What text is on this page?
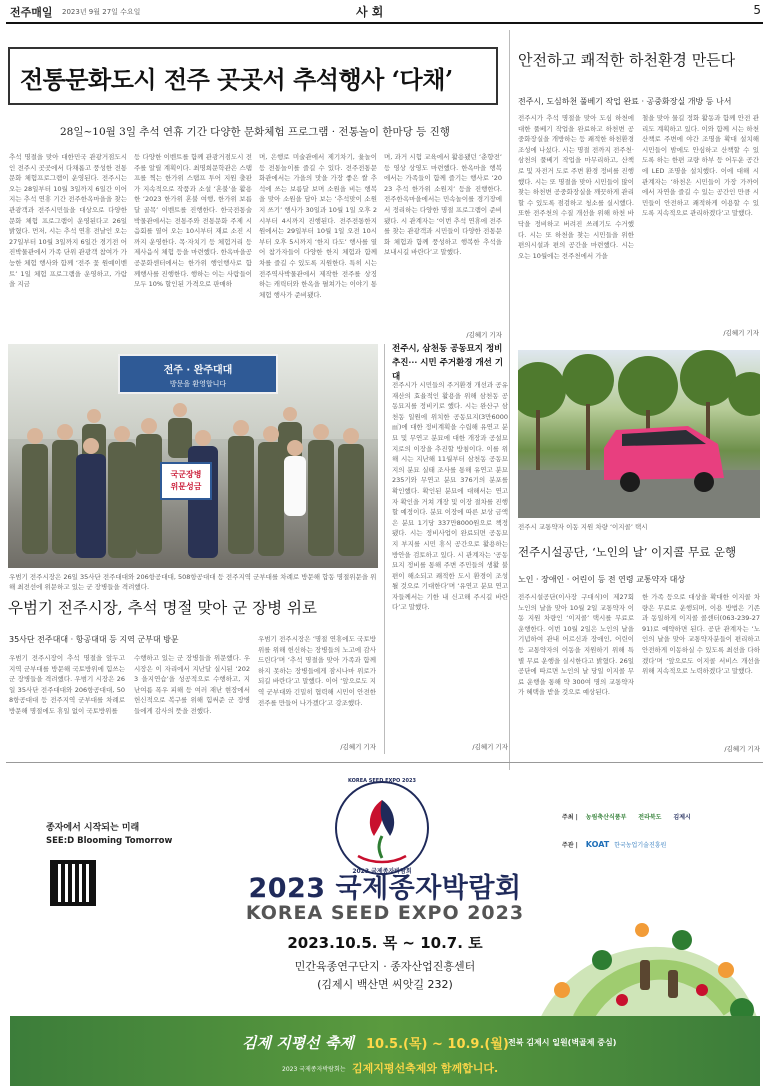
전주매일 2023년 9월 27일 수요일	사 회	5
전통문화도시 전주 곳곳서 추석행사 ‘다채’
28일~10월 3일 추석 연휴 기간 다양한 문화체험 프로그램 · 전통놀이 한마당 등 진행
추석 명절을 맞아 대한민국 관광거점도시인 전주시 곳곳에서 다채롭고 풍성한 전통문화 체험프로그램이 운영된다. 전주시는 오는 28일부터 10월 3일까지 6일간 이어지는 추석 연휴 기간 전주한옥마을을 찾는 관광객과 전주시민들을 대상으로 다양한 문화 체험 프로그램이 운영된다고 26일 밝혔다. 먼저, 시는 추석 연휴 전날인 오는 27일부터 10월 3일까지 6일간 경기전 어진박물관에서 가족 단위 관광객 참여가 가능한 체험 행사와 함께 ‘전주 꽃 원예이벤트’ 1일 체험 프로그램을 운영하고, 가람을 지금
등 다양한 이벤트를 함께 관광거점도시 전주를 알릴 계획이다. 최명희문학관은 스탬프를 찍는 한가위 스탬프 투어 지원 출판가 지속적으로 작품과 소설 ‘혼불’을 활용한 ‘2023 한가위 혼불 여행, 한가위 보름달 골목’ 이벤트를 진행한다. 한국전통술박물관에서는 전통주와 전통문화 주제 시음회를 열어 오는 10시부터 재료 소진 시까지 운영한다. 목·자치기 등 체험거리 등 제사음식 체험 등을 마련했다. 한옥마을공공문화센터에서는 한가위 행인행사로 함께행사를 진행한다. 행하는 이는 사람들이 모두 10% 할인된 가격으로 판매하
며, 은행로 미술관에서 제기차기, 윷놀이 등 전통놀이를 즐길 수 있다. 전주전통문화관에서는 가을의 맛을 가장 좋은 쌀 추석에 쓰는 보름달 보며 소원을 비는 행복을 맞아 소원을 담아 보는 ‘추석맞이 소원지 쓰기’ 행사가 30일과 10월 1일 오후 2시부터 4시까지 진행된다. 전주전통한지원에서는 29일부터 10월 1일 오전 10시부터 오후 5시까지 ‘한지 다도’ 행사를 열어 참가자들이 다양한 한지 체험과 함께 차를 즐길 수 있도록 지원한다. 특히 시는 전주역사박물관에서 제작한 전주를 상징하는 캐릭터와 한옥을 펼쳐가는 이야기 통 체험 행사가 준비됐다.
며, 과거 시험 교육에서 활용됐던 ‘춘향전’ 등 영상 상영도 마련했다. 한옥마을 행복에서는 가족들이 함께 즐기는 행사로 ‘2023 추석 한가위 소원지’ 등을 진행한다. 전주한옥마을에서는 민속놀이를 경기장에서 정리하는 다양한 명절 프로그램이 준비됐다. 시 관계자는 ‘이번 추석 연휴에 전주를 찾는 관광객과 시민들이 다양한 전통문화 체험과 함께 풍성하고 행복한 추석을 보내시길 바란다’고 말했다.
/김혜기 기자
안전하고 쾌적한 하천환경 만든다
전주시, 도심하천 풀베기 작업 완료 · 공중화장실 개방 등 나서
전주시가 추석 명절을 맞아 도심 하천에 대한 풀베기 작업을 완료하고 하천변 공중화장실을 개방하는 등 쾌적한 하천환경 조성에 나섰다. 시는 명절 전까지 전주천·삼천의 풀베기 작업을 마무리하고, 산책로 및 자전거 도로 주변 환경 정비를 진행했다. 시는 또 명절을 맞아 시민들이 많이 찾는 하천변 공중화장실을 깨끗하게 관리할 수 있도록 점검하고 청소를 실시했다. 또한 전주천의 수질 개선을 위해 하천 바닥을 정비하고 버려진 쓰레기도 수거했다. 시는 또 하천을 찾는 시민들을 위한 편의시설과 편의 공간을 마련했다. 시는 오는 10월에는 전주천에서 가을
철을 맞아 물길 정화 활동과 함께 안전 관리도 계획하고 있다. 이와 함께 시는 하천 산책로 주변에 야간 조명을 확대 설치해 시민들이 밤에도 안심하고 산책할 수 있도록 하는 한편 교량 하부 등 어두운 공간에 LED 조명을 설치했다. 이에 대해 시 관계자는 ‘하천은 시민들이 가장 가까이에서 자연을 즐길 수 있는 공간인 만큼 시민들이 안전하고 쾌적하게 이용할 수 있도록 지속적으로 관리하겠다’고 말했다.
/김혜기 기자
전주 · 완주대대
방문을 환영합니다
국군장병 위문성금
우범기 전주시장은 26일 35사단 전주대대와 206항공대대, 508항공대대 등 전주지역 군부대를 차례로 방문해 합동 명절위문을 위해 최전선에 위문하고 있는 군 장병들을 격려했다.
우범기 전주시장, 추석 명절 맞아 군 장병 위로
35사단 전주대대 · 항공대대 등 지역 군부대 방문
우범기 전주시장이 추석 명절을 앞두고 지역 군부대를 방문해 국토방위에 힘쓰는 군 장병들을 격려했다. 우범기 시장은 26일 35사단 전주대대와 206항공대대, 508항공대대 등 전주지역 군부대를 차례로 방문해 명절에도 휴일 없이 국토방위를
수행하고 있는 군 장병들을 위문했다. 우 시장은 이 자리에서 지난달 실시된 ‘2023 을지연습’을 성공적으로 수행하고, 지난여름 폭우 피해 등 여러 재난 현장에서 헌신적으로 복구를 위해 힘써준 군 장병들에게 감사의 뜻을 전했다.
우범기 전주시장은 ‘명절 연휴에도 국토방위를 위해 헌신하는 장병들의 노고에 감사드린다’며 ‘추석 명절을 맞아 가족과 함께하지 못하는 장병들에게 잠시나마 위로가 되길 바란다’고 말했다. 이어 ‘앞으로도 지역 군부대와 긴밀히 협력해 시민이 안전한 전주를 만들어 나가겠다’고 강조했다.
/김혜기 기자
전주시, 삼천동 공동묘지 정비 추진··· 시민 주거환경 개선 기대
전주시가 시민들의 주거환경 개선과 공유재산의 효율적인 활용을 위해 삼천동 공동묘지를 정비키로 했다. 시는 완산구 삼천동 일원에 위치한 공동묘지(3만6000㎡)에 대한 정비계획을 수립해 유연고 분묘 및 무연고 분묘에 대한 개장과 공설묘지로의 이장을 추진할 방침이다. 이를 위해 시는 지난해 11월부터 삼천동 공동묘지의 분묘 실태 조사를 통해 유연고 분묘 235기와 무연고 분묘 376기의 분포를 확인했다. 확인된 분묘에 대해서는 연고자 확인을 거쳐 개장 및 이장 절차를 진행할 예정이다. 분묘 이장에 따른 보상 금액은 분묘 1기당 337만8000원으로 책정됐다. 시는 정비사업이 완료되면 공동묘지 부지를 시민 휴식 공간으로 활용하는 방안을 검토하고 있다. 시 관계자는 ‘공동묘지 정비를 통해 주변 주민들의 생활 불편이 해소되고 쾌적한 도시 환경이 조성될 것으로 기대한다’며 ‘유연고 분묘 연고자들께서는 기한 내 신고해 주시길 바란다’고 말했다.
/김혜기 기자
전주시 교통약자 이동 지원 차량 ‘이지콜’ 택시
전주시설공단, ‘노인의 날’ 이지콜 무료 운행
노인 · 장애인 · 어린이 등 전 연령 교통약자 대상
전주시설공단(이사장 구대식)이 제27회 노인의 날을 맞아 10월 2일 교통약자 이동 지원 차량인 ‘이지콜’ 택시를 무료로 운행한다. 이번 10월 2일은 노인의 날을 기념하여 관내 어르신과 장애인, 어린이 등 교통약자의 이동을 지원하기 위해 특별 무료 운행을 실시한다고 밝혔다. 26일 공단에 따르면 노인의 날 당일 이지콜 무료 운행을 통해 약 300여 명의 교통약자가 혜택을 받을 것으로 예상된다.
한 가족 등으로 대상을 확대한 이지콜 차량은 무료로 운행되며, 이용 방법은 기존과 동일하게 이지콜 콜센터(063-239-2791)로 예약하면 된다. 공단 관계자는 ‘노인의 날을 맞아 교통약자분들이 편리하고 안전하게 이동하실 수 있도록 최선을 다하겠다’며 ‘앞으로도 이지콜 서비스 개선을 위해 지속적으로 노력하겠다’고 말했다.
/김혜기 기자
종자에서 시작되는 미래
SEE:D Blooming Tomorrow
KOREA SEED EXPO 2023
2023 국제종자박람회
주최 | 농림축산식품부 전라북도 김제시
주관 | KOAT 한국농업기술진흥원
2023 국제종자박람회
KOREA SEED EXPO 2023
2023.10.5. 목 ~ 10.7. 토
민간육종연구단지 · 종자산업진흥센터
(김제시 백산면 씨앗길 232)
김제 지평선 축제 10.5.(목) ~ 10.9.(월) 전북 김제시 일원(벽골제 중심)
2023 국제종자박람회는 김제지평선축제와 함께합니다.
